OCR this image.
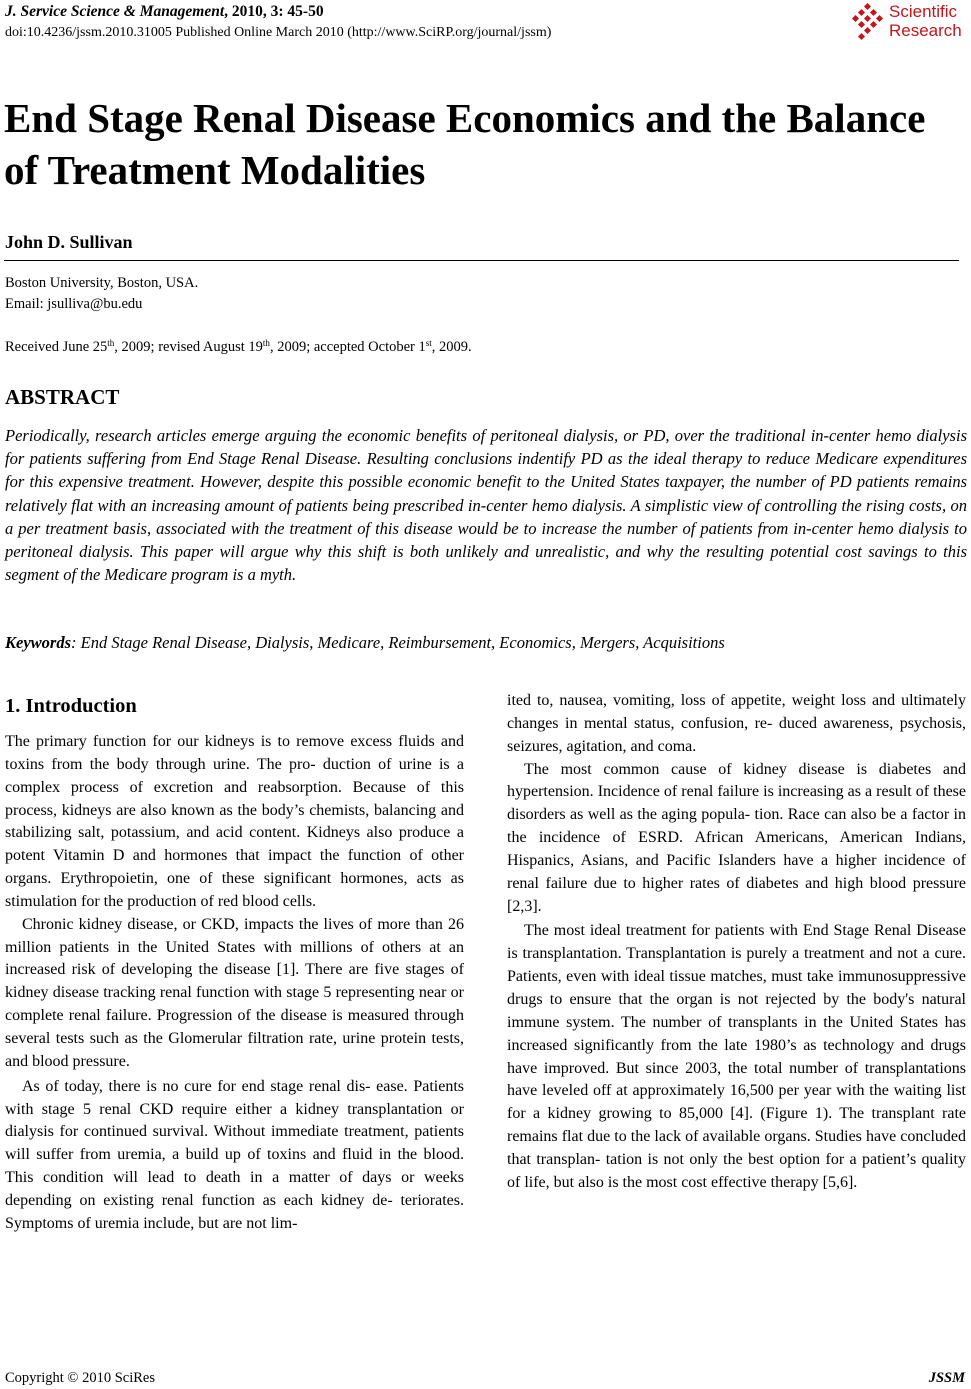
J. Service Science & Management, 2010, 3: 45-50
doi:10.4236/jssm.2010.31005 Published Online March 2010 (http://www.SciRP.org/journal/jssm)
Scientific
Research
End Stage Renal Disease Economics and the Balance of Treatment Modalities
John D. Sullivan
Boston University, Boston, USA.
Email: jsulliva@bu.edu
Received June 25th, 2009; revised August 19th, 2009; accepted October 1st, 2009.
ABSTRACT
Periodically, research articles emerge arguing the economic benefits of peritoneal dialysis, or PD, over the traditional in-center hemo dialysis for patients suffering from End Stage Renal Disease. Resulting conclusions indentify PD as the ideal therapy to reduce Medicare expenditures for this expensive treatment. However, despite this possible economic benefit to the United States taxpayer, the number of PD patients remains relatively flat with an increasing amount of patients being prescribed in-center hemo dialysis. A simplistic view of controlling the rising costs, on a per treatment basis, associated with the treatment of this disease would be to increase the number of patients from in-center hemo dialysis to peritoneal dialysis. This paper will argue why this shift is both unlikely and unrealistic, and why the resulting potential cost savings to this segment of the Medicare program is a myth.
Keywords: End Stage Renal Disease, Dialysis, Medicare, Reimbursement, Economics, Mergers, Acquisitions
1. Introduction

The primary function for our kidneys is to remove excess fluids and toxins from the body through urine. The pro- duction of urine is a complex process of excretion and reabsorption. Because of this process, kidneys are also known as the body’s chemists, balancing and stabilizing salt, potassium, and acid content. Kidneys also produce a potent Vitamin D and hormones that impact the function of other organs. Erythropoietin, one of these significant hormones, acts as stimulation for the production of red blood cells.

Chronic kidney disease, or CKD, impacts the lives of more than 26 million patients in the United States with millions of others at an increased risk of developing the disease [1]. There are five stages of kidney disease tracking renal function with stage 5 representing near or complete renal failure. Progression of the disease is measured through several tests such as the Glomerular filtration rate, urine protein tests, and blood pressure.

As of today, there is no cure for end stage renal dis- ease. Patients with stage 5 renal CKD require either a kidney transplantation or dialysis for continued survival. Without immediate treatment, patients will suffer from uremia, a build up of toxins and fluid in the blood. This condition will lead to death in a matter of days or weeks depending on existing renal function as each kidney de- teriorates. Symptoms of uremia include, but are not lim-

ited to, nausea, vomiting, loss of appetite, weight loss and ultimately changes in mental status, confusion, re- duced awareness, psychosis, seizures, agitation, and coma.

The most common cause of kidney disease is diabetes and hypertension. Incidence of renal failure is increasing as a result of these disorders as well as the aging popula- tion. Race can also be a factor in the incidence of ESRD. African Americans, American Indians, Hispanics, Asians, and Pacific Islanders have a higher incidence of renal failure due to higher rates of diabetes and high blood pressure [2,3].

The most ideal treatment for patients with End Stage Renal Disease is transplantation. Transplantation is purely a treatment and not a cure. Patients, even with ideal tissue matches, must take immunosuppressive drugs to ensure that the organ is not rejected by the body's natural immune system. The number of transplants in the United States has increased significantly from the late 1980’s as technology and drugs have improved. But since 2003, the total number of transplantations have leveled off at approximately 16,500 per year with the waiting list for a kidney growing to 85,000 [4]. (Figure 1). The transplant rate remains flat due to the lack of available organs. Studies have concluded that transplan- tation is not only the best option for a patient’s quality of life, but also is the most cost effective therapy [5,6].

Copyright © 2010 SciRes	JSSM
